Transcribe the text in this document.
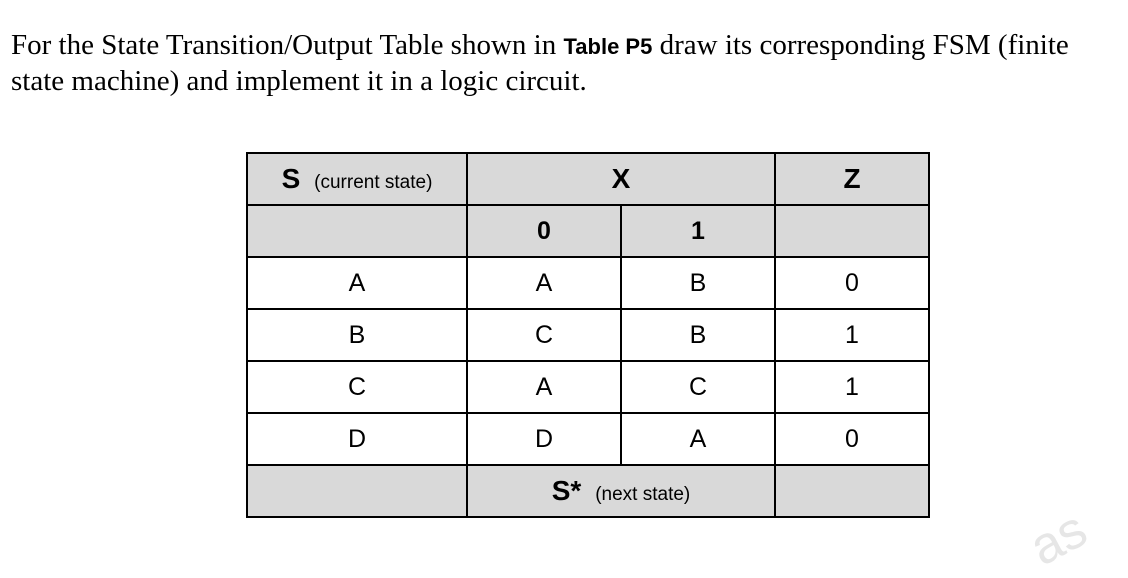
For the State Transition/Output Table shown in Table P5 draw its corresponding FSM (finite state machine) and implement it in a logic circuit.

S (current state)	X		Z
	0	1	
A	A	B	0
B	C	B	1
C	A	C	1
D	D	A	0
	S* (next state)		
as
